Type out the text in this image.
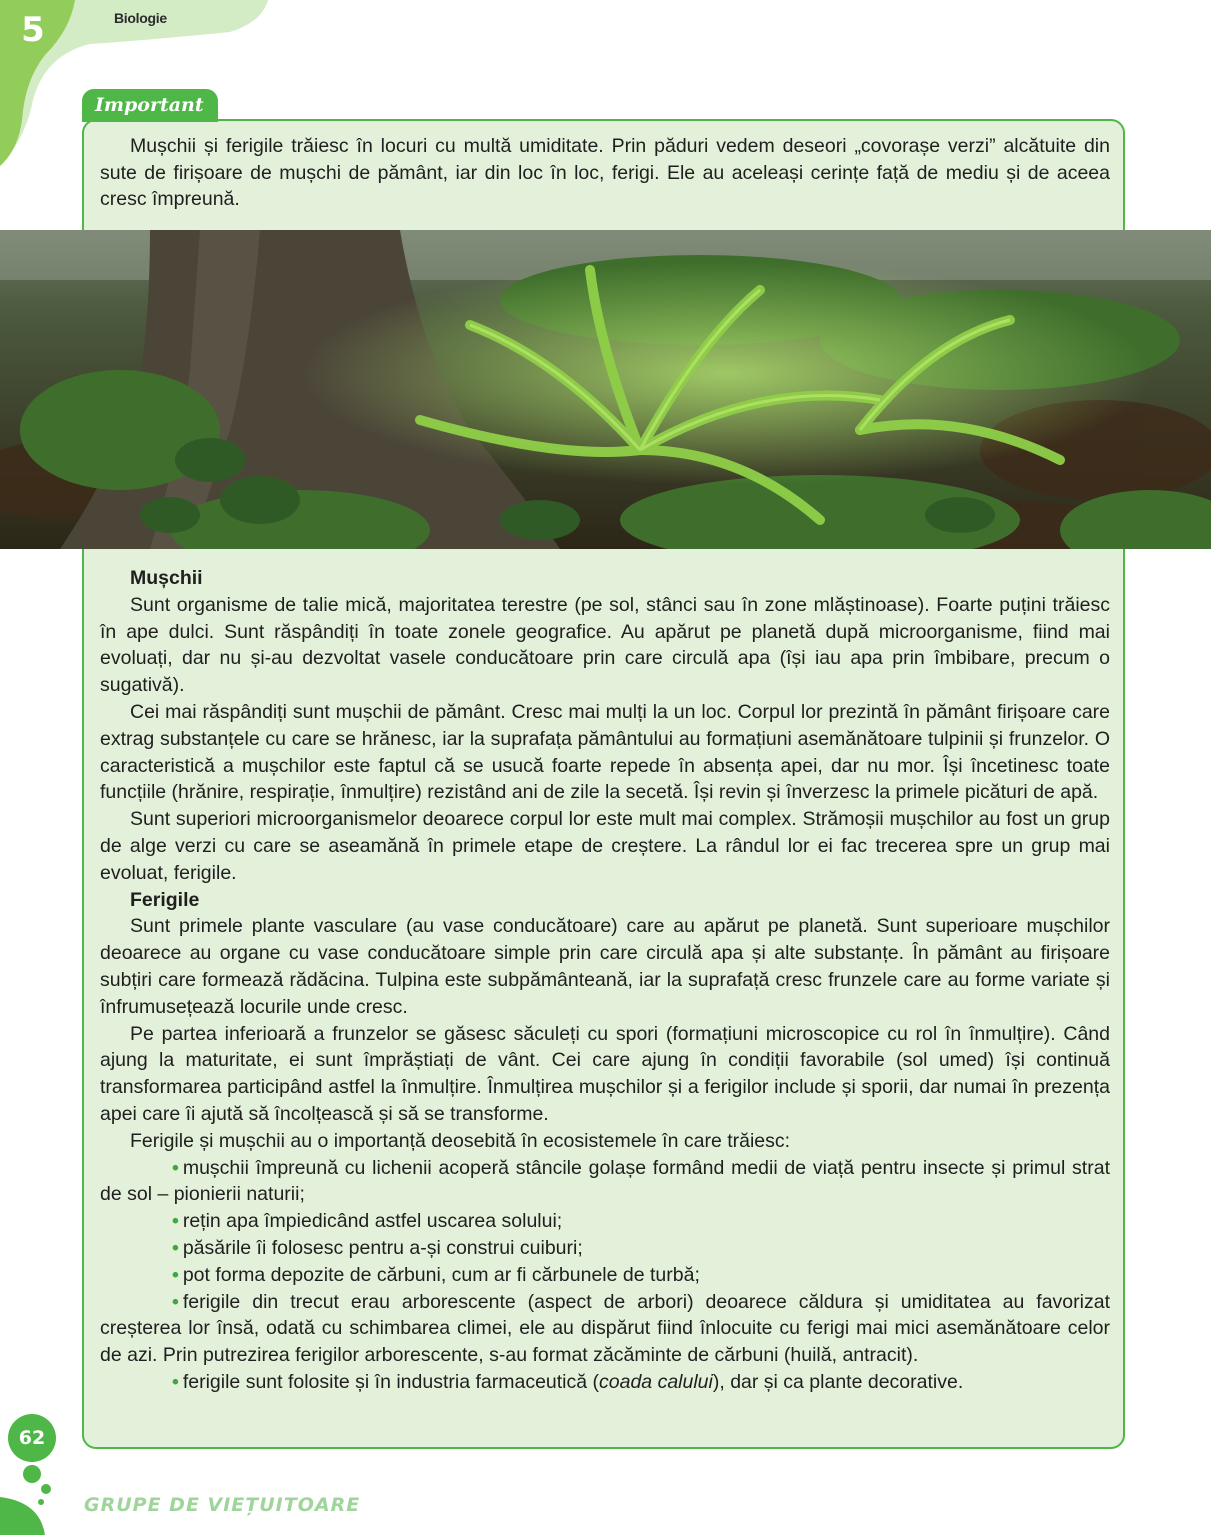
5	Biologie
Important
Mușchii și ferigile trăiesc în locuri cu multă umiditate. Prin păduri vedem deseori „covorașe verzi” alcătuite din sute de firișoare de mușchi de pământ, iar din loc în loc, ferigi. Ele au aceleași cerințe față de mediu și de aceea cresc împreună.
Mușchii

Sunt organisme de talie mică, majoritatea terestre (pe sol, stânci sau în zone mlăștinoase). Foarte puțini trăiesc în ape dulci. Sunt răspândiți în toate zonele geografice. Au apărut pe planetă după microorganisme, fiind mai evoluați, dar nu și-au dezvoltat vasele conducătoare prin care circulă apa (își iau apa prin îmbibare, precum o sugativă).

Cei mai răspândiți sunt mușchii de pământ. Cresc mai mulți la un loc. Corpul lor prezintă în pământ firișoare care extrag substanțele cu care se hrănesc, iar la suprafața pământului au formațiuni asemănătoare tulpinii și frunzelor. O caracteristică a mușchilor este faptul că se usucă foarte repede în absența apei, dar nu mor. Își încetinesc toate funcțiile (hrănire, respirație, înmulțire) rezistând ani de zile la secetă. Își revin și înverzesc la primele picături de apă.

Sunt superiori microorganismelor deoarece corpul lor este mult mai complex. Strămoșii mușchilor au fost un grup de alge verzi cu care se aseamănă în primele etape de creștere. La rândul lor ei fac trecerea spre un grup mai evoluat, ferigile.

Ferigile

Sunt primele plante vasculare (au vase conducătoare) care au apărut pe planetă. Sunt superioare mușchilor deoarece au organe cu vase conducătoare simple prin care circulă apa și alte substanțe. În pământ au firișoare subțiri care formează rădăcina. Tulpina este subpământeană, iar la suprafață cresc frunzele care au forme variate și înfrumusețează locurile unde cresc.

Pe partea inferioară a frunzelor se găsesc săculeți cu spori (formațiuni microscopice cu rol în înmulțire). Când ajung la maturitate, ei sunt împrăștiați de vânt. Cei care ajung în condiții favorabile (sol umed) își continuă transformarea participând astfel la înmulțire. Înmulțirea mușchilor și a ferigilor include și sporii, dar numai în prezența apei care îi ajută să încolțească și să se transforme.

Ferigile și mușchii au o importanță deosebită în ecosistemele în care trăiesc:

• mușchii împreună cu lichenii acoperă stâncile golașe formând medii de viață pentru insecte și primul strat de sol – pionierii naturii;
• rețin apa împiedicând astfel uscarea solului;
• păsările îi folosesc pentru a-și construi cuiburi;
• pot forma depozite de cărbuni, cum ar fi cărbunele de turbă;
• ferigile din trecut erau arborescente (aspect de arbori) deoarece căldura și umiditatea au favorizat creșterea lor însă, odată cu schimbarea climei, ele au dispărut fiind înlocuite cu ferigi mai mici asemănătoare celor de azi. Prin putrezirea ferigilor arborescente, s-au format zăcăminte de cărbuni (huilă, antracit).
• ferigile sunt folosite și în industria farmaceutică (coada calului), dar și ca plante decorative.
62
GRUPE DE VIEȚUITOARE
